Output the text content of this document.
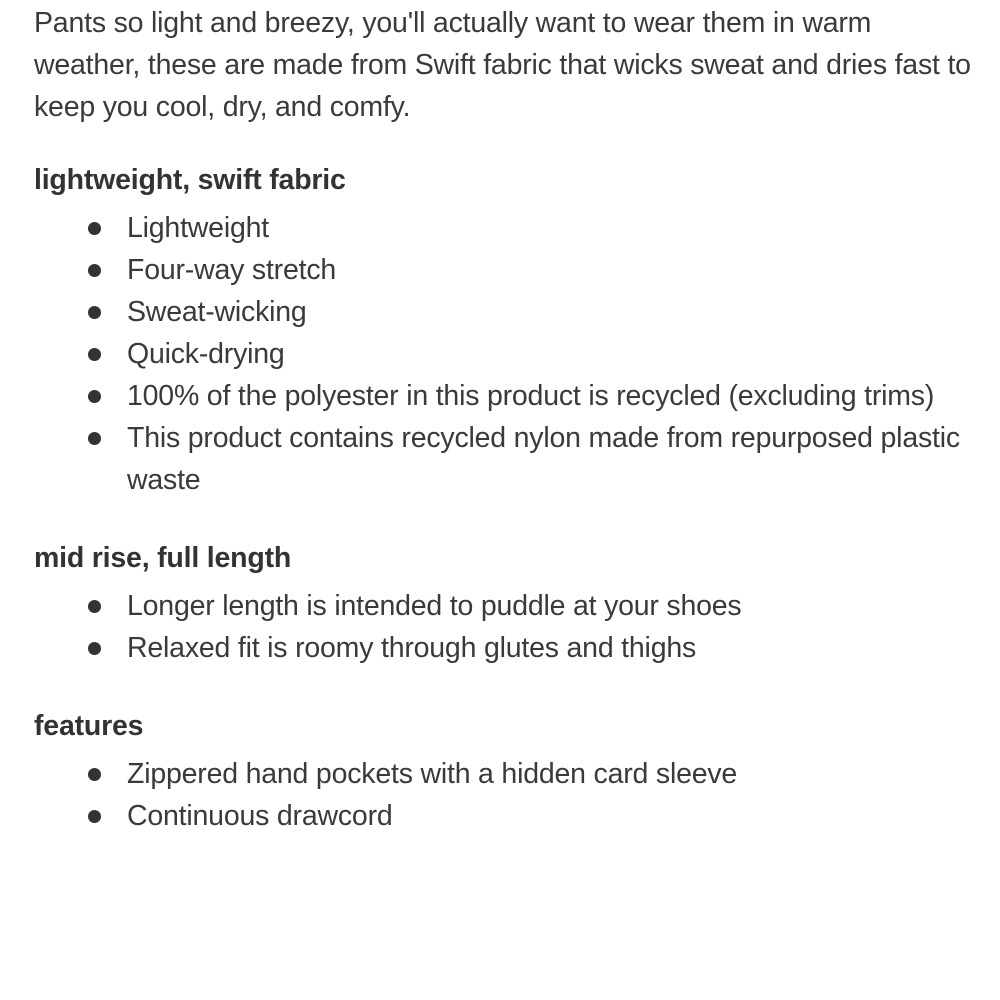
Pants so light and breezy, you'll actually want to wear them in warm weather, these are made from Swift fabric that wicks sweat and dries fast to keep you cool, dry, and comfy.

lightweight, swift fabric
Lightweight
Four-way stretch
Sweat-wicking
Quick-drying
100% of the polyester in this product is recycled (excluding trims)
This product contains recycled nylon made from repurposed plastic waste
mid rise, full length
Longer length is intended to puddle at your shoes
Relaxed fit is roomy through glutes and thighs
features
Zippered hand pockets with a hidden card sleeve
Continuous drawcord
